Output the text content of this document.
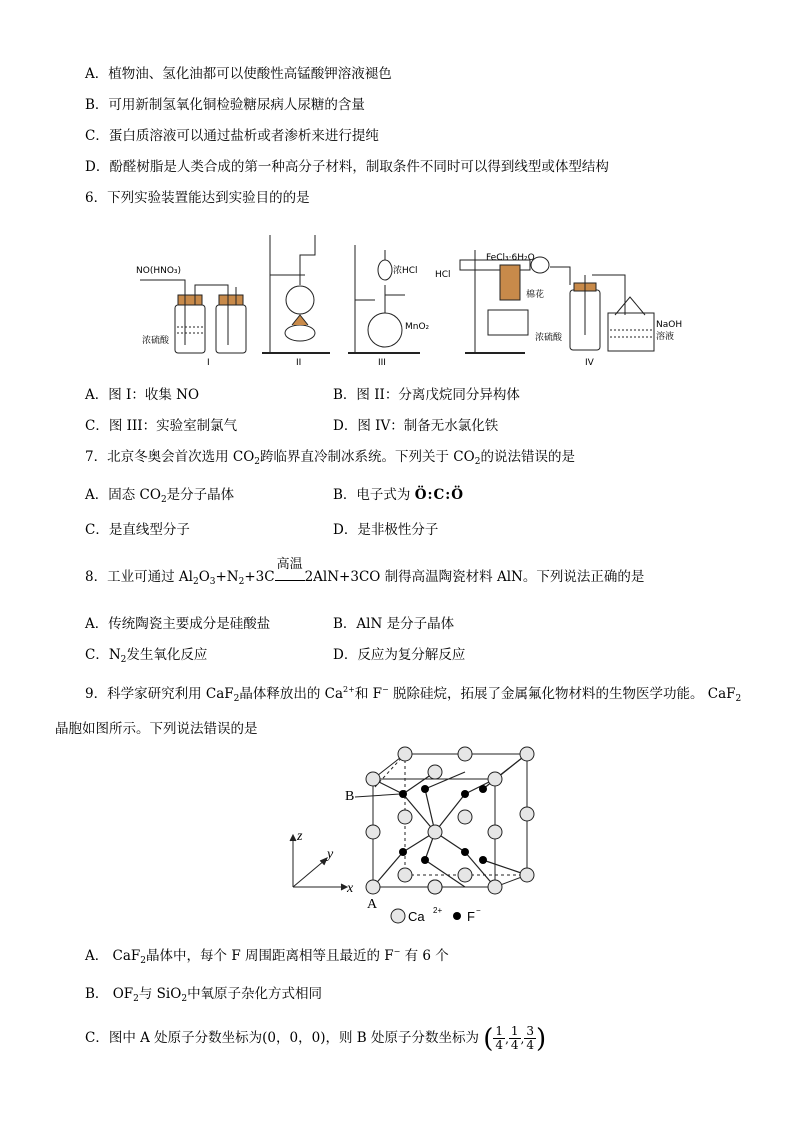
A．植物油、氢化油都可以使酸性高锰酸钾溶液褪色
B．可用新制氢氧化铜检验糖尿病人尿糖的含量
C．蛋白质溶液可以通过盐析或者渗析来进行提纯
D．酚醛树脂是人类合成的第一种高分子材料，制取条件不同时可以得到线型或体型结构
6．下列实验装置能达到实验目的的是
NO(HNO₃)
浓硫酸
I	II
浓HCl
MnO₂
III
HCl
FeCl₃·6H₂O
棉花
浓硫酸
NaOH
溶液
IV
A．图 I：收集 NO	B．图 II：分离戊烷同分异构体
C．图 III：实验室制氯气	D．图 IV：制备无水氯化铁
7．北京冬奥会首次选用 $CO_2$跨临界直冷制冰系统。下列关于 $CO_2$的说法错误的是
A．固态 $CO_2$是分子晶体	B．电子式为 Ö:C:Ö
C．是直线型分子	D．是非极性分子
8．工业可通过 $Al_2O_3+N_2+3C$
高温
2AlN+3CO 制得高温陶瓷材料 AlN。下列说法正确的是
A．传统陶瓷主要成分是硅酸盐	B．AlN 是分子晶体
C．$N_2$发生氧化反应	D．反应为复分解反应
9．科学家研究利用 CaF$_2$晶体释放出的 $Ca^{2+}$和 F− 脱除硅烷，拓展了金属氟化物材料的生物医学功能。 CaF$_2$
晶胞如图所示。下列说法错误的是
B
A
z
y
x
Ca 2+ F −
A． CaF$_2$晶体中，每个 F 周围距离相等且最近的 F− 有 6 个
B． $OF_2$与 SiO$_2$中氧原子杂化方式相同
C．图中 A 处原子分数坐标为(0，0，0)，则 B 处原子分数坐标为 ( 1
4 ,
1
4 ,
3
4 )
